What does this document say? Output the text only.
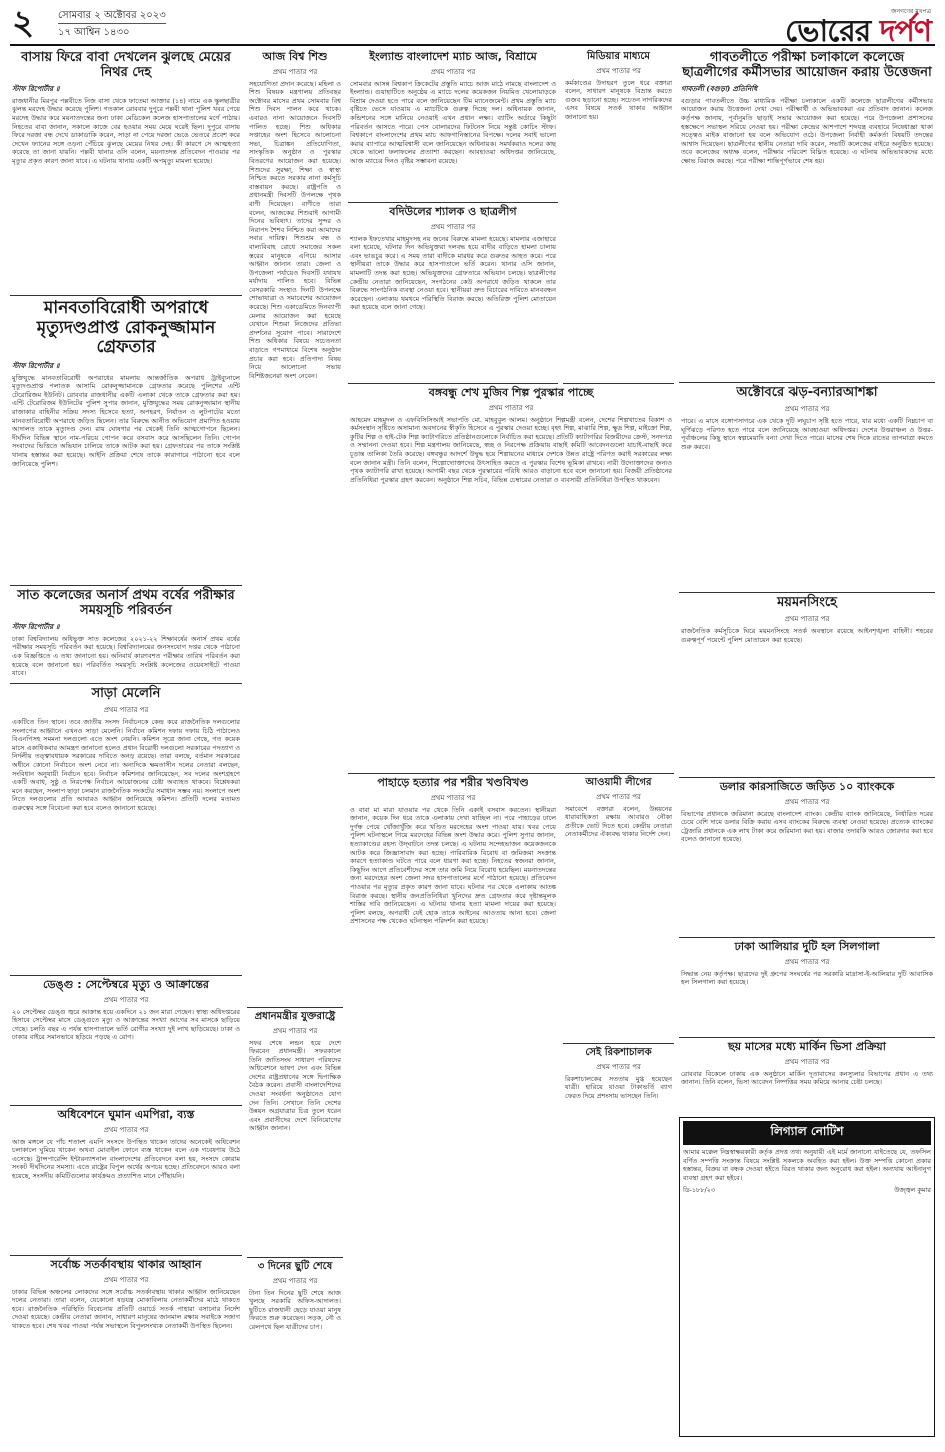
২ সোমবার ২ অক্টোবর ২০২৩
১৭ আশ্বিন ১৪৩০
জনগণের মুখপত্র
ভোরের দর্পণ
বাসায় ফিরে বাবা দেখলেন ঝুলছে মেয়ের নিথর দেহ
স্টাফ রিপোর্টার ॥
রাজধানীর মিরপুর পল্লবীতে নিজ বাসা থেকে ফাতেমা আক্তার (১৪) নামে এক স্কুলছাত্রীর ঝুলন্ত মরদেহ উদ্ধার করেছে পুলিশ। গতকাল রোববার দুপুরে পল্লবী থানা পুলিশ খবর পেয়ে মরদেহ উদ্ধার করে ময়নাতদন্তের জন্য ঢাকা মেডিকেল কলেজ হাসপাতালের মর্গে পাঠায়। নিহতের বাবা জানান, সকালে কাজে বের হওয়ার সময় মেয়ে ঘরেই ছিল। দুপুরে বাসায় ফিরে দরজা বন্ধ দেখে ডাকাডাকি করেন, সাড়া না পেয়ে দরজা ভেঙে ভেতরে প্রবেশ করে দেখেন ফ্যানের সঙ্গে ওড়না পেঁচিয়ে ঝুলছে মেয়ের নিথর দেহ। কী কারণে সে আত্মহত্যা করেছে তা জানা যায়নি। পল্লবী থানার ওসি বলেন, ময়নাতদন্ত প্রতিবেদন পাওয়ার পর মৃত্যুর প্রকৃত কারণ জানা যাবে। এ ঘটনায় থানায় একটি অপমৃত্যু মামলা হয়েছে।
মানবতাবিরোধী অপরাধে মৃত্যুদণ্ডপ্রাপ্ত রোকনুজ্জামান গ্রেফতার
স্টাফ রিপোর্টার ॥
মুক্তিযুদ্ধে মানবতাবিরোধী অপরাধের মামলায় আন্তর্জাতিক অপরাধ ট্রাইব্যুনালে মৃত্যুদণ্ডপ্রাপ্ত পলাতক আসামি রোকনুজ্জামানকে গ্রেফতার করেছে পুলিশের এন্টি টেরোরিজম ইউনিট। রোববার রাজধানীর একটি এলাকা থেকে তাকে গ্রেফতার করা হয়। এন্টি টেরোরিজম ইউনিটের পুলিশ সুপার জানান, মুক্তিযুদ্ধের সময় রোকনুজ্জামান স্থানীয় রাজাকার বাহিনীর সক্রিয় সদস্য হিসেবে হত্যা, অপহরণ, নির্যাতন ও লুটপাটের মতো মানবতাবিরোধী অপরাধে জড়িত ছিলেন। তার বিরুদ্ধে আনীত অভিযোগ প্রমাণিত হওয়ায় আদালত তাকে মৃত্যুদণ্ড দেন। রায় ঘোষণার পর থেকেই তিনি আত্মগোপনে ছিলেন। দীর্ঘদিন বিভিন্ন স্থানে নাম-পরিচয় গোপন করে বসবাস করে আসছিলেন তিনি। গোপন সংবাদের ভিত্তিতে অভিযান চালিয়ে তাকে আটক করা হয়। গ্রেফতারের পর তাকে সংশ্লিষ্ট থানায় হস্তান্তর করা হয়েছে। আইনি প্রক্রিয়া শেষে তাকে কারাগারে পাঠানো হবে বলে জানিয়েছে পুলিশ।
সাত কলেজের অনার্স প্রথম বর্ষের পরীক্ষার সময়সূচি পরিবর্তন
স্টাফ রিপোর্টার ॥
ঢাকা বিশ্ববিদ্যালয় অধিভুক্ত সাত কলেজের ২০২১-২২ শিক্ষাবর্ষের অনার্স প্রথম বর্ষের পরীক্ষার সময়সূচি পরিবর্তন করা হয়েছে। বিশ্ববিদ্যালয়ের জনসংযোগ দপ্তর থেকে পাঠানো এক বিজ্ঞপ্তিতে এ তথ্য জানানো হয়। অনিবার্য কারণবশত পরীক্ষার তারিখ পরিবর্তন করা হয়েছে বলে জানানো হয়। পরিবর্তিত সময়সূচি সংশ্লিষ্ট কলেজের ওয়েবসাইটে পাওয়া যাবে।
সাড়া মেলেনি
প্রথম পাতার পর
একটিতে তিন স্থানে। তবে জাতীয় সংসদ নির্বাচনকে কেন্দ্র করে রাজনৈতিক দলগুলোর সংলাপের আহ্বানে এখনও সাড়া মেলেনি। নির্বাচন কমিশন দফায় দফায় চিঠি পাঠালেও বিএনপিসহ সমমনা দলগুলো এতে অংশ নেয়নি। কমিশন সূত্রে জানা গেছে, গত কয়েক মাসে একাধিকবার আমন্ত্রণ জানানো হলেও প্রধান বিরোধী দলগুলো সরকারের পদত্যাগ ও নির্দলীয় তত্ত্বাবধায়ক সরকারের দাবিতে অনড় রয়েছে। তারা বলছে, বর্তমান সরকারের অধীনে কোনো নির্বাচনে অংশ নেবে না। অন্যদিকে ক্ষমতাসীন দলের নেতারা বলছেন, সংবিধান অনুযায়ী নির্বাচন হবে। নির্বাচন কমিশনার জানিয়েছেন, সব দলের অংশগ্রহণে একটি অবাধ, সুষ্ঠু ও নিরপেক্ষ নির্বাচন আয়োজনের চেষ্টা অব্যাহত থাকবে। বিশ্লেষকরা মনে করছেন, সংলাপ ছাড়া চলমান রাজনৈতিক সংকটের সমাধান সম্ভব নয়। সংলাপে অংশ নিতে দলগুলোর প্রতি আবারও আহ্বান জানিয়েছে কমিশন। প্রতিটি দলের মতামত গুরুত্বের সঙ্গে বিবেচনা করা হবে বলেও জানানো হয়েছে।
ডেঙ্গু : সেপ্টেম্বরে মৃত্যু ও আক্রান্তের
প্রথম পাতার পর
২০ সেপ্টেম্বর ডেঙ্গু জ্বরে আক্রান্ত হয়ে একদিনে ২১ জন মারা গেছেন। স্বাস্থ্য অধিদপ্তরের হিসাবে সেপ্টেম্বর মাসে ডেঙ্গুতে মৃত্যু ও আক্রান্তের সংখ্যা আগের সব মাসকে ছাড়িয়ে গেছে। চলতি বছর এ পর্যন্ত হাসপাতালে ভর্তি রোগীর সংখ্যা দুই লাখ ছাড়িয়েছে। ঢাকা ও ঢাকার বাইরে সমানভাবে ছড়িয়ে পড়ছে এ রোগ।
অধিবেশনে ঘুমান এমপিরা, ব্যস্ত
প্রথম পাতার পর
আজ মঙ্গলে যে পাঁচ শতাংশ এমপি সংসদে উপস্থিত থাকেন তাদের অনেকেই অধিবেশন চলাকালে ঘুমিয়ে থাকেন অথবা মোবাইল ফোনে ব্যস্ত থাকেন বলে এক গবেষণায় উঠে এসেছে। ট্রান্সপারেন্সি ইন্টারন্যাশনাল বাংলাদেশের প্রতিবেদনে বলা হয়, সংসদে কোরাম সংকট দীর্ঘদিনের সমস্যা। এতে রাষ্ট্রের বিপুল অর্থের অপচয় হচ্ছে। প্রতিবেদনে আরও বলা হয়েছে, সংসদীয় কমিটিগুলোর কার্যক্রমও প্রত্যাশিত মানে পৌঁছায়নি।
সর্বোচ্চ সতর্কাবস্থায় থাকার আহ্বান
প্রথম পাতার পর
ঢাকার বিভিন্ন অঞ্চলের লোকদের সঙ্গে সর্বোচ্চ সতর্কাবস্থায় থাকার আহ্বান জানিয়েছেন দলের নেতারা। তারা বলেন, যেকোনো ষড়যন্ত্র মোকাবিলায় নেতাকর্মীদের মাঠে থাকতে হবে। রাজনৈতিক পরিস্থিতি বিবেচনায় প্রতিটি ওয়ার্ডে সতর্ক পাহারা বসানোর নির্দেশ দেওয়া হয়েছে। কেন্দ্রীয় নেতারা জানান, সাধারণ মানুষের জানমাল রক্ষায় সবাইকে সজাগ থাকতে হবে। শেষ খবর পাওয়া পর্যন্ত সভাস্থলে বিপুলসংখ্যক নেতাকর্মী উপস্থিত ছিলেন।
আজ বিশ্ব শিশু
প্রথম পাতার পর
সহযোগিতা প্রদান করেছে। মহিলা ও শিশু বিষয়ক মন্ত্রণালয় প্রতিবছর অক্টোবর মাসের প্রথম সোমবার বিশ্ব শিশু দিবস পালন করে থাকে। এবারও নানা আয়োজনে দিবসটি পালিত হচ্ছে। শিশু অধিকার সপ্তাহের অংশ হিসেবে আলোচনা সভা, চিত্রাঙ্কন প্রতিযোগিতা, সাংস্কৃতিক অনুষ্ঠান ও পুরস্কার বিতরণের আয়োজন করা হয়েছে। শিশুদের সুরক্ষা, শিক্ষা ও স্বাস্থ্য নিশ্চিত করতে সরকার নানা কর্মসূচি বাস্তবায়ন করছে। রাষ্ট্রপতি ও প্রধানমন্ত্রী দিবসটি উপলক্ষে পৃথক বাণী দিয়েছেন। বাণীতে তারা বলেন, আজকের শিশুরাই আগামী দিনের ভবিষ্যৎ। তাদের সুন্দর ও নিরাপদ শৈশব নিশ্চিত করা আমাদের সবার দায়িত্ব। শিশুশ্রম বন্ধ ও বাল্যবিবাহ রোধে সমাজের সকল স্তরের মানুষকে এগিয়ে আসার আহ্বান জানান তারা। জেলা ও উপজেলা পর্যায়েও দিবসটি যথাযথ মর্যাদায় পালিত হবে। বিভিন্ন বেসরকারি সংস্থাও দিনটি উপলক্ষে শোভাযাত্রা ও সমাবেশের আয়োজন করেছে। শিশু একাডেমিতে দিনব্যাপী মেলার আয়োজন করা হয়েছে যেখানে শিশুরা নিজেদের প্রতিভা প্রদর্শনের সুযোগ পাবে। সারাদেশে শিশু অধিকার বিষয়ে সচেতনতা বাড়াতে গণমাধ্যমে বিশেষ অনুষ্ঠান প্রচার করা হবে। প্রতিপাদ্য বিষয় নিয়ে আলোচনা সভায় বিশিষ্টজনেরা অংশ নেবেন।
প্রধানমন্ত্রীর যুক্তরাষ্ট্রে
প্রথম পাতার পর
সফর শেষে লন্ডন হয়ে দেশে ফিরবেন প্রধানমন্ত্রী। সফরকালে তিনি জাতিসংঘ সাধারণ পরিষদের অধিবেশনে ভাষণ দেন এবং বিভিন্ন দেশের রাষ্ট্রপ্রধানের সঙ্গে দ্বিপাক্ষিক বৈঠক করেন। প্রবাসী বাংলাদেশিদের দেওয়া সংবর্ধনা অনুষ্ঠানেও যোগ দেন তিনি। সেখানে তিনি দেশের উন্নয়ন অগ্রযাত্রার চিত্র তুলে ধরেন এবং প্রবাসীদের দেশে বিনিয়োগের আহ্বান জানান।
৩ দিনের ছুটি শেষে
প্রথম পাতার পর
টানা তিন দিনের ছুটি শেষে আজ খুলছে সরকারি অফিস-আদালত। ছুটিতে রাজধানী ছেড়ে যাওয়া মানুষ ফিরতে শুরু করেছেন। সড়ক, নৌ ও রেলপথে ছিল যাত্রীদের চাপ।
ইংল্যান্ড বাংলাদেশ ম্যাচ আজ, বিশ্রামে
প্রথম পাতার পর
সোমবার আসন্ন বিশ্বকাপ ক্রিকেটের প্রস্তুতি ম্যাচে আজ মাঠে নামছে বাংলাদেশ ও ইংল্যান্ড। গুয়াহাটিতে অনুষ্ঠেয় এ ম্যাচে দলের কয়েকজন নিয়মিত খেলোয়াড়কে বিশ্রাম দেওয়া হতে পারে বলে জানিয়েছেন টিম ম্যানেজমেন্ট। প্রথম প্রস্তুতি ম্যাচ বৃষ্টিতে ভেসে যাওয়ায় এ ম্যাচটিকে গুরুত্ব দিচ্ছে দল। অধিনায়ক জানান, কন্ডিশনের সঙ্গে মানিয়ে নেওয়াই এখন প্রধান লক্ষ্য। ব্যাটিং অর্ডারে কিছুটা পরিবর্তন আসতে পারে। পেস বোলারদের ফিটনেস নিয়ে সন্তুষ্ট কোচিং স্টাফ। বিশ্বকাপে বাংলাদেশের প্রথম ম্যাচ আফগানিস্তানের বিপক্ষে। দলের সবাই ভালো করার ব্যাপারে আত্মবিশ্বাসী বলে জানিয়েছেন অধিনায়ক। সমর্থকরাও দলের কাছ থেকে ভালো ফলাফলের প্রত্যাশা করছেন। আবহাওয়া অধিদপ্তর জানিয়েছে, আজ ম্যাচের দিনও বৃষ্টির সম্ভাবনা রয়েছে।
বদিউলের শ্যালক ও ছাত্রলীগ
প্রথম পাতার পর
শ্যালক ইফতেখার মাহমুদসহ নয় জনের বিরুদ্ধে মামলা হয়েছে। মামলার এজাহারে বলা হয়েছে, ঘটনার দিন অভিযুক্তরা দলবদ্ধ হয়ে বাদীর বাড়িতে হামলা চালায় এবং ভাঙচুর করে। এ সময় তারা বাদীকে মারধর করে গুরুতর আহত করে। পরে স্থানীয়রা তাকে উদ্ধার করে হাসপাতালে ভর্তি করেন। থানার ওসি জানান, মামলাটি তদন্ত করা হচ্ছে। অভিযুক্তদের গ্রেফতারে অভিযান চলছে। ছাত্রলীগের কেন্দ্রীয় নেতারা জানিয়েছেন, সংগঠনের কেউ অপরাধে জড়িত থাকলে তার বিরুদ্ধে সাংগঠনিক ব্যবস্থা নেওয়া হবে। স্থানীয়রা দ্রুত বিচারের দাবিতে মানববন্ধন করেছেন। এলাকায় থমথমে পরিস্থিতি বিরাজ করছে। অতিরিক্ত পুলিশ মোতায়েন করা হয়েছে বলে জানা গেছে।
মিডিয়ার মাধ্যমে
প্রথম পাতার পর
কর্মকাণ্ডের উদাহরণ তুলে ধরে বক্তারা বলেন, সাধারণ মানুষকে বিভ্রান্ত করতে গুজব ছড়ানো হচ্ছে। সচেতন নাগরিকদের এসব বিষয়ে সতর্ক থাকার আহ্বান জানানো হয়।
বঙ্গবন্ধু শেখ মুজিব শিল্প পুরস্কার পাচ্ছে
প্রথম পাতার পর
আহমেদ মাহমুদল ও এফবিসিসিআই সভাপতি মো. মাহবুবুল আলম। অনুষ্ঠানে শিল্পমন্ত্রী বলেন, দেশের শিল্পখাতের বিকাশ ও কর্মসংস্থান সৃষ্টিতে অসামান্য অবদানের স্বীকৃতি হিসেবে এ পুরস্কার দেওয়া হচ্ছে। বৃহৎ শিল্প, মাঝারি শিল্প, ক্ষুদ্র শিল্প, মাইক্রো শিল্প, কুটির শিল্প ও হাই-টেক শিল্প ক্যাটাগরিতে প্রতিষ্ঠানগুলোকে নির্বাচিত করা হয়েছে। প্রতিটি ক্যাটাগরির বিজয়ীদের ক্রেস্ট, সনদপত্র ও সম্মাননা দেওয়া হবে। শিল্প মন্ত্রণালয় জানিয়েছে, স্বচ্ছ ও নিরপেক্ষ প্রক্রিয়ায় বাছাই কমিটি আবেদনগুলো যাচাই-বাছাই করে চূড়ান্ত তালিকা তৈরি করেছে। বঙ্গবন্ধুর আদর্শে উদ্বুদ্ধ হয়ে শিল্পায়নের মাধ্যমে দেশকে উন্নত রাষ্ট্রে পরিণত করাই সরকারের লক্ষ্য বলে জানান মন্ত্রী। তিনি বলেন, শিল্পোদ্যোক্তাদের উৎসাহিত করতে এ পুরস্কার বিশেষ ভূমিকা রাখবে। নারী উদ্যোক্তাদের জন্যও পৃথক ক্যাটাগরি রাখা হয়েছে। আগামী বছর থেকে পুরস্কারের পরিধি আরও বাড়ানো হবে বলে জানানো হয়। বিজয়ী প্রতিষ্ঠানের প্রতিনিধিরা পুরস্কার গ্রহণ করবেন। অনুষ্ঠানে শিল্প সচিব, বিভিন্ন চেম্বারের নেতারা ও ব্যবসায়ী প্রতিনিধিরা উপস্থিত থাকবেন।
পাহাড়ে হত্যার পর শরীর খণ্ডবিখণ্ড
প্রথম পাতার পর
ও বাবা মা মারা যাওয়ার পর থেকে তিনি একাই বসবাস করতেন। স্থানীয়রা জানান, কয়েক দিন ধরে তাকে এলাকায় দেখা যাচ্ছিল না। পরে পাহাড়ের ঢালে দুর্গন্ধ পেয়ে খোঁজাখুঁজি করে খণ্ডিত মরদেহের অংশ পাওয়া যায়। খবর পেয়ে পুলিশ ঘটনাস্থলে গিয়ে মরদেহের বিভিন্ন অংশ উদ্ধার করে। পুলিশ সুপার জানান, হত্যাকাণ্ডের রহস্য উদ্‌ঘাটনে তদন্ত চলছে। এ ঘটনায় সন্দেহভাজন কয়েকজনকে আটক করে জিজ্ঞাসাবাদ করা হচ্ছে। পারিবারিক বিরোধ বা জমিজমা সংক্রান্ত কারণে হত্যাকাণ্ড ঘটতে পারে বলে ধারণা করা হচ্ছে। নিহতের স্বজনরা জানান, কিছুদিন আগে প্রতিবেশীদের সঙ্গে তার জমি নিয়ে বিরোধ হয়েছিল। ময়নাতদন্তের জন্য মরদেহের অংশ জেলা সদর হাসপাতালের মর্গে পাঠানো হয়েছে। প্রতিবেদন পাওয়ার পর মৃত্যুর প্রকৃত কারণ জানা যাবে। ঘটনার পর থেকে এলাকায় আতঙ্ক বিরাজ করছে। স্থানীয় জনপ্রতিনিধিরা খুনিদের দ্রুত গ্রেফতার করে দৃষ্টান্তমূলক শাস্তির দাবি জানিয়েছেন। এ ঘটনায় থানায় হত্যা মামলা দায়ের করা হয়েছে। পুলিশ বলছে, অপরাধী যেই হোক তাকে আইনের আওতায় আনা হবে। জেলা প্রশাসনের পক্ষ থেকেও ঘটনাস্থল পরিদর্শন করা হয়েছে।
আওয়ামী লীগের
প্রথম পাতার পর
সমাবেশে বক্তারা বলেন, উন্নয়নের ধারাবাহিকতা রক্ষায় আবারও নৌকা প্রতীকে ভোট দিতে হবে। কেন্দ্রীয় নেতারা নেতাকর্মীদের ঐক্যবদ্ধ থাকার নির্দেশ দেন।
সেই রিকশাচালক
প্রথম পাতার পর
রিকশাচালকের সততায় মুগ্ধ হয়েছেন যাত্রী। হারিয়ে যাওয়া টাকাভর্তি ব্যাগ ফেরত দিয়ে প্রশংসায় ভাসছেন তিনি।
গাবতলীতে পরীক্ষা চলাকালে কলেজে ছাত্রলীগের কর্মীসভার আয়োজন করায় উত্তেজনা
গাবতলী (বগুড়া) প্রতিনিধি
বগুড়ার গাবতলীতে উচ্চ মাধ্যমিক পরীক্ষা চলাকালে একটি কলেজে ছাত্রলীগের কর্মীসভার আয়োজন করায় উত্তেজনা দেখা দেয়। পরীক্ষার্থী ও অভিভাবকরা এর প্রতিবাদ জানান। কলেজ কর্তৃপক্ষ জানায়, পূর্বানুমতি ছাড়াই সভার আয়োজন করা হয়েছে। পরে উপজেলা প্রশাসনের হস্তক্ষেপে সভাস্থল সরিয়ে নেওয়া হয়। পরীক্ষা কেন্দ্রের আশপাশে শব্দযন্ত্র ব্যবহারে নিষেধাজ্ঞা থাকা সত্ত্বেও মাইক বাজানো হয় বলে অভিযোগ ওঠে। উপজেলা নির্বাহী কর্মকর্তা বিষয়টি তদন্তের আশ্বাস দিয়েছেন। ছাত্রলীগের স্থানীয় নেতারা দাবি করেন, সভাটি কলেজের বাইরে অনুষ্ঠিত হয়েছে। তবে কলেজের অধ্যক্ষ বলেন, পরীক্ষার পরিবেশ বিঘ্নিত হয়েছে। এ ঘটনায় অভিভাবকদের মধ্যে ক্ষোভ বিরাজ করছে। পরে পরীক্ষা শান্তিপূর্ণভাবে শেষ হয়।
অক্টোবরে ঝড়-বন্যারআশঙ্কা
প্রথম পাতার পর
পারে। এ মাসে বঙ্গোপসাগরে এক থেকে দুটি লঘুচাপ সৃষ্টি হতে পারে, যার মধ্যে একটি নিম্নচাপ বা ঘূর্ণিঝড়ে পরিণত হতে পারে বলে জানিয়েছে আবহাওয়া অধিদপ্তর। দেশের উত্তরাঞ্চল ও উত্তর-পূর্বাঞ্চলের কিছু স্থানে স্বল্পমেয়াদি বন্যা দেখা দিতে পারে। মাসের শেষ দিকে রাতের তাপমাত্রা কমতে শুরু করবে।
ময়মনসিংহে
প্রথম পাতার পর
রাজনৈতিক কর্মসূচিকে ঘিরে ময়মনসিংহে সতর্ক অবস্থানে রয়েছে আইনশৃঙ্খলা বাহিনী। শহরের গুরুত্বপূর্ণ পয়েন্টে পুলিশ মোতায়েন করা হয়েছে।
ডলার কারসাজিতে জড়িত ১০ ব্যাংককে
প্রথম পাতার পর
বিভাগের প্রধানকে জরিমানা করেছে বাংলাদেশ ব্যাংক। কেন্দ্রীয় ব্যাংক জানিয়েছে, নির্ধারিত দরের চেয়ে বেশি দামে ডলার বিক্রি করায় এসব ব্যাংকের বিরুদ্ধে ব্যবস্থা নেওয়া হয়েছে। প্রত্যেক ব্যাংকের ট্রেজারি প্রধানকে এক লাখ টাকা করে জরিমানা করা হয়। বাজার তদারকি আরও জোরদার করা হবে বলেও জানানো হয়েছে।
ঢাকা আলিয়ার দুটি হল সিলগালা
প্রথম পাতার পর
সিদ্ধান্ত নেয় কর্তৃপক্ষ। ছাত্রদের দুই গ্রুপের সংঘর্ষের পর সরকারি মাদ্রাসা-ই-আলিয়ার দুটি আবাসিক হল সিলগালা করা হয়েছে।
ছয় মাসের মধ্যে মার্কিন ভিসা প্রক্রিয়া
প্রথম পাতার পর
রোববার বিকেলে ঢাকায় এক অনুষ্ঠানে মার্কিন দূতাবাসের কনস্যুলার বিভাগের প্রধান এ তথ্য জানান। তিনি বলেন, ভিসা আবেদন নিষ্পত্তির সময় কমিয়ে আনার চেষ্টা চলছে।
লিগ্যাল নোটিশ
আমার মক্কেল নিম্নস্বাক্ষরকারী কর্তৃক প্রদত্ত তথ্য অনুযায়ী এই মর্মে জানানো যাইতেছে যে, তফসিল বর্ণিত সম্পত্তি সংক্রান্ত বিষয়ে সংশ্লিষ্ট সকলকে অবহিত করা হইল। উক্ত সম্পত্তি কোনো প্রকার হস্তান্তর, বিক্রয় বা বন্ধক দেওয়া হইতে বিরত থাকার জন্য অনুরোধ করা হইল। অন্যথায় আইনানুগ ব্যবস্থা গ্রহণ করা হইবে।
ডি-১৮৮/২৩	উজ্জ্বল কুমার
